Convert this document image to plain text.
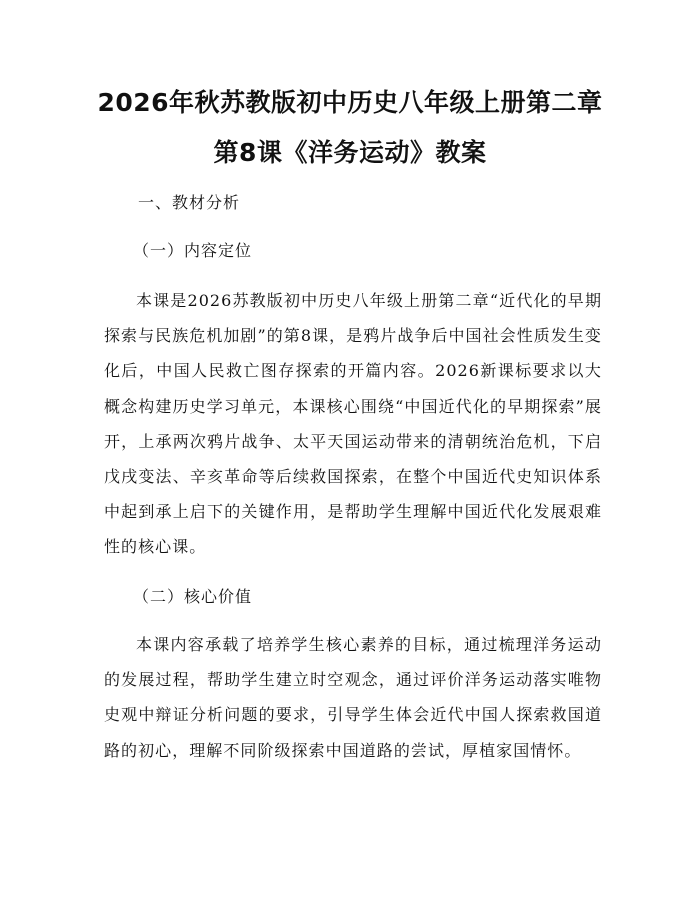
2026年秋苏教版初中历史八年级上册第二章
第8课《洋务运动》教案
一、教材分析
（一）内容定位

本课是2026苏教版初中历史八年级上册第二章“近代化的早期探索与民族危机加剧”的第8课，是鸦片战争后中国社会性质发生变化后，中国人民救亡图存探索的开篇内容。2026新课标要求以大概念构建历史学习单元，本课核心围绕“中国近代化的早期探索”展开，上承两次鸦片战争、太平天国运动带来的清朝统治危机，下启戊戌变法、辛亥革命等后续救国探索，在整个中国近代史知识体系中起到承上启下的关键作用，是帮助学生理解中国近代化发展艰难性的核心课。

（二）核心价值

本课内容承载了培养学生核心素养的目标，通过梳理洋务运动的发展过程，帮助学生建立时空观念，通过评价洋务运动落实唯物史观中辩证分析问题的要求，引导学生体会近代中国人探索救国道路的初心，理解不同阶级探索中国道路的尝试，厚植家国情怀。
